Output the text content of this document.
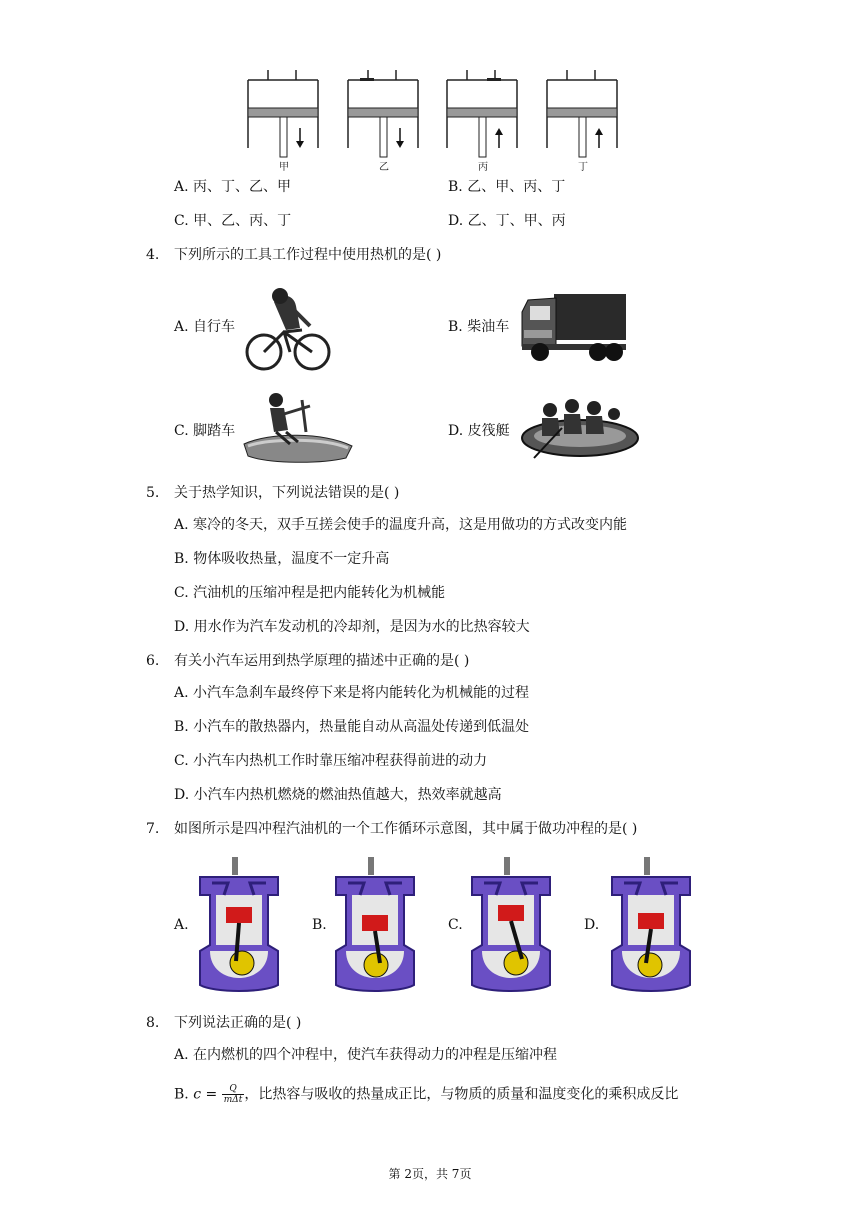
甲	乙	丙	丁
A. 丙、丁、乙、甲	B. 乙、甲、丙、丁
C. 甲、乙、丙、丁	D. 乙、丁、甲、丙
4. 下列所示的工具工作过程中使用热机的是( )
A. 自行车	B. 柴油车
C. 脚踏车	D. 皮筏艇
5. 关于热学知识，下列说法错误的是( )
A. 寒冷的冬天，双手互搓会使手的温度升高，这是用做功的方式改变内能
B. 物体吸收热量，温度不一定升高
C. 汽油机的压缩冲程是把内能转化为机械能
D. 用水作为汽车发动机的冷却剂，是因为水的比热容较大
6. 有关小汽车运用到热学原理的描述中正确的是( )
A. 小汽车急刹车最终停下来是将内能转化为机械能的过程
B. 小汽车的散热器内，热量能自动从高温处传递到低温处
C. 小汽车内热机工作时靠压缩冲程获得前进的动力
D. 小汽车内热机燃烧的燃油热值越大，热效率就越高
7. 如图所示是四冲程汽油机的一个工作循环示意图，其中属于做功冲程的是( )
A.	B.	C.	D.
8. 下列说法正确的是( )
A. 在内燃机的四个冲程中，使汽车获得动力的冲程是压缩冲程
B. $c = \frac{Q}{\text{mΔt}}$ ，比热容与吸收的热量成正比，与物质的质量和温度变化的乘积成反比
第 2页，共 7页
